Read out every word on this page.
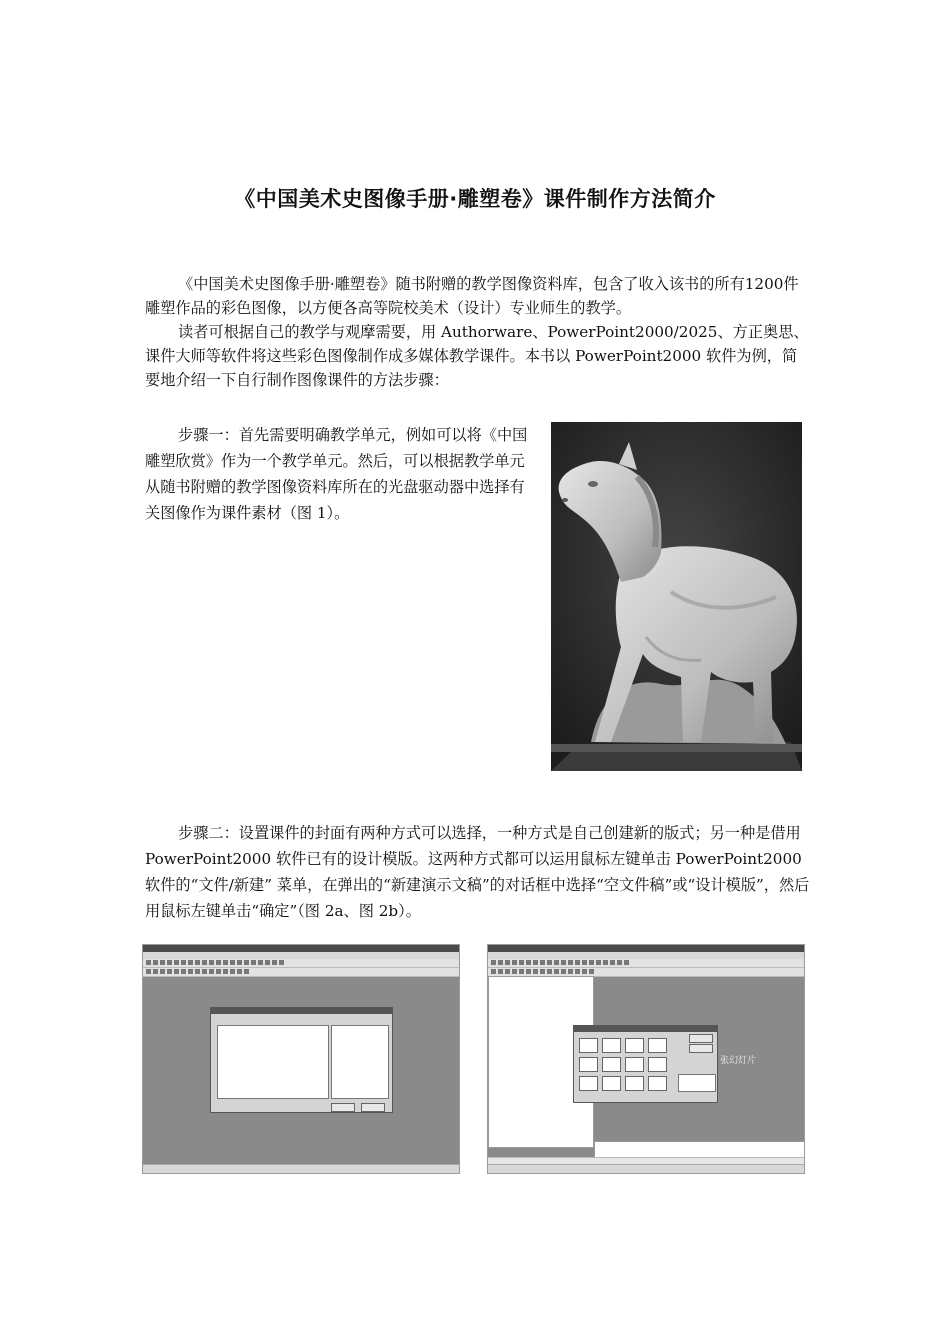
《中国美术史图像手册·雕塑卷》课件制作方法简介

《中国美术史图像手册·雕塑卷》随书附赠的教学图像资料库，包含了收入该书的所有1200件雕塑作品的彩色图像，以方便各高等院校美术（设计）专业师生的教学。

读者可根据自己的教学与观摩需要，用 Authorware、PowerPoint2000/2025、方正奥思、课件大师等软件将这些彩色图像制作成多媒体教学课件。本书以 PowerPoint2000 软件为例，简要地介绍一下自行制作图像课件的方法步骤：

步骤一：首先需要明确教学单元，例如可以将《中国雕塑欣赏》作为一个教学单元。然后，可以根据教学单元从随书附赠的教学图像资料库所在的光盘驱动器中选择有关图像作为课件素材（图 1）。

步骤二：设置课件的封面有两种方式可以选择，一种方式是自己创建新的版式；另一种是借用 PowerPoint2000 软件已有的设计模版。这两种方式都可以运用鼠标左键单击 PowerPoint2000 软件的“文件/新建” 菜单，在弹出的“新建演示文稿”的对话框中选择“空文件稿”或“设计模版”，然后用鼠标左键单击“确定”（图 2a、图 2b）。

张幻灯片
